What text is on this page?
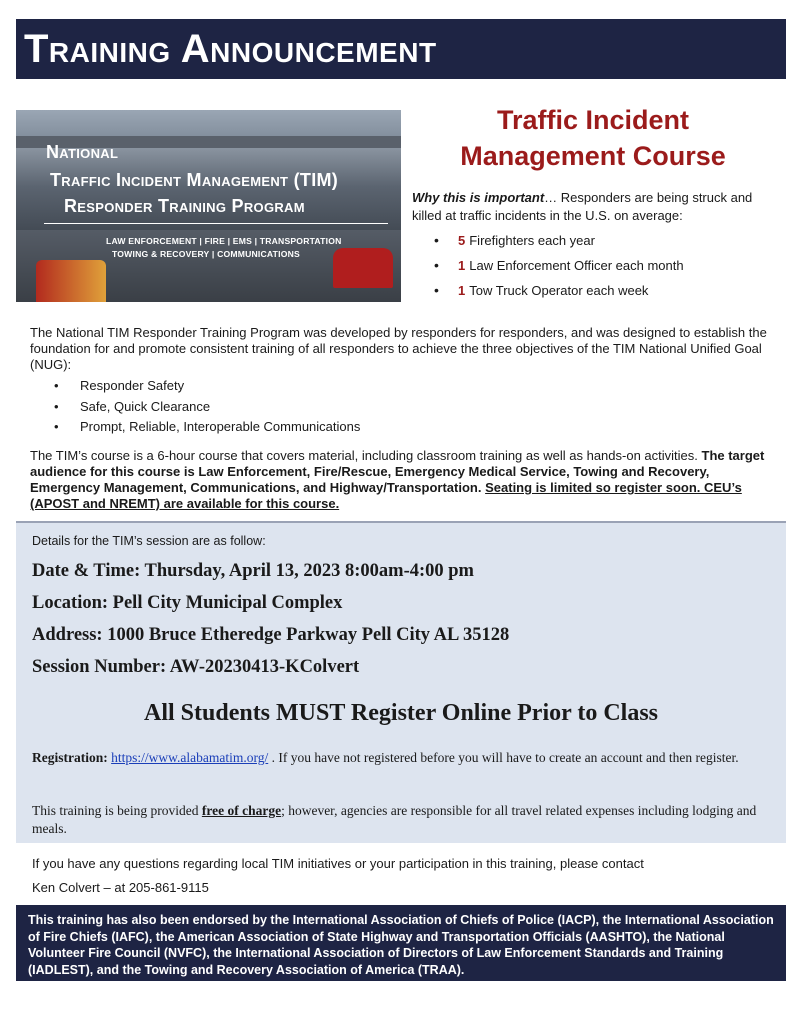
Training Announcement
National
Traffic Incident Management (TIM)
Responder Training Program
LAW ENFORCEMENT | FIRE | EMS | TRANSPORTATION
TOWING & RECOVERY | COMMUNICATIONS
Traffic Incident
Management Course
Why this is important… Responders are being struck and killed at traffic incidents in the U.S. on average:
• 5 Firefighters each year
• 1 Law Enforcement Officer each month
• 1 Tow Truck Operator each week
The National TIM Responder Training Program was developed by responders for responders, and was designed to establish the foundation for and promote consistent training of all responders to achieve the three objectives of the TIM National Unified Goal (NUG):
• Responder Safety
• Safe, Quick Clearance
• Prompt, Reliable, Interoperable Communications
The TIM’s course is a 6-hour course that covers material, including classroom training as well as hands-on activities. The target audience for this course is Law Enforcement, Fire/Rescue, Emergency Medical Service, Towing and Recovery, Emergency Management, Communications, and Highway/Transportation. Seating is limited so register soon. CEU’s (APOST and NREMT) are available for this course.
Details for the TIM’s session are as follow:
Date & Time: Thursday, April 13, 2023 8:00am-4:00 pm
Location: Pell City Municipal Complex
Address: 1000 Bruce Etheredge Parkway Pell City AL 35128
Session Number: AW-20230413-KColvert
All Students MUST Register Online Prior to Class
Registration: https://www.alabamatim.org/ . If you have not registered before you will have to create an account and then register.
This training is being provided free of charge; however, agencies are responsible for all travel related expenses including lodging and meals.
If you have any questions regarding local TIM initiatives or your participation in this training, please contact
Ken Colvert – at 205-861-9115

This training has also been endorsed by the International Association of Chiefs of Police (IACP), the International Association of Fire Chiefs (IAFC), the American Association of State Highway and Transportation Officials (AASHTO), the National Volunteer Fire Council (NVFC), the International Association of Directors of Law Enforcement Standards and Training (IADLEST), and the Towing and Recovery Association of America (TRAA).
